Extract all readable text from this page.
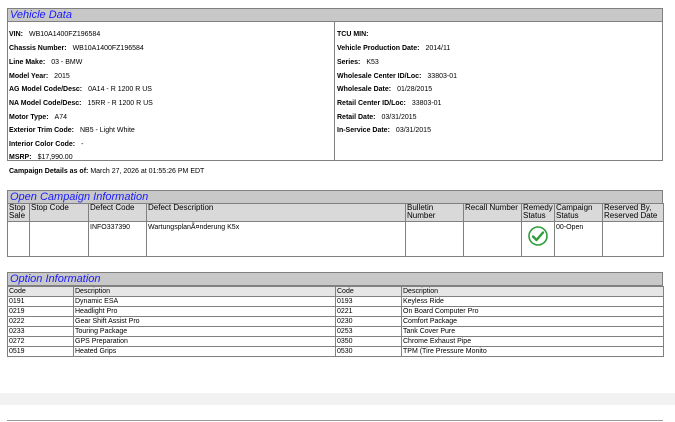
Vehicle Data
VIN: WB10A1400FZ196584
Chassis Number: WB10A1400FZ196584
Line Make: 03 - BMW
Model Year: 2015
AG Model Code/Desc: 0A14 - R 1200 R US
NA Model Code/Desc: 15RR - R 1200 R US
Motor Type: A74
Exterior Trim Code: NB5 - Light White
Interior Color Code: -
MSRP: $17,990.00
TCU MIN:
Vehicle Production Date: 2014/11
Series: K53
Wholesale Center ID/Loc: 33803-01
Wholesale Date: 01/28/2015
Retail Center ID/Loc: 33803-01
Retail Date: 03/31/2015
In-Service Date: 03/31/2015
Campaign Details as of: March 27, 2026 at 01:55:26 PM EDT
Open Campaign Information
Stop Sale	Stop Code	Defect Code	Defect Description	Bulletin Number	Recall Number	Remedy Status	Campaign Status	Reserved By, Reserved Date
		INFO337390	WartungsplanÃ¤nderung K5x				00-Open	
Option Information
Code	Description	Code	Description
0191	Dynamic ESA	0193	Keyless Ride
0219	Headlight Pro	0221	On Board Computer Pro
0222	Gear Shift Assist Pro	0230	Comfort Package
0233	Touring Package	0253	Tank Cover Pure
0272	GPS Preparation	0350	Chrome Exhaust Pipe
0519	Heated Grips	0530	TPM (Tire Pressure Monito
